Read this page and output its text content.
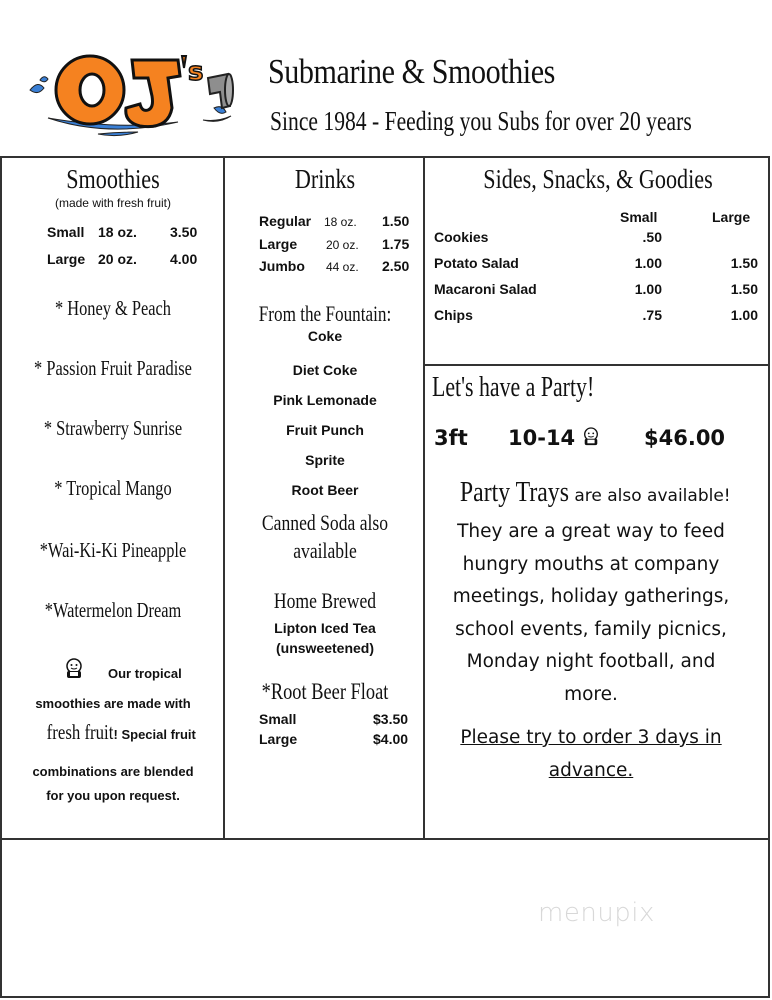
s Submarine & Smoothies
Since 1984 - Feeding you Subs for over 20 years
Smoothies
(made with fresh fruit)
Small 18 oz. 3.50
Large 20 oz. 4.00
* Honey & Peach
* Passion Fruit Paradise
* Strawberry Sunrise
* Tropical Mango
*Wai-Ki-Ki Pineapple
*Watermelon Dream
Our tropical
smoothies are made with
fresh fruit! Special fruit
combinations are blended
for you upon request.
Drinks
Regular 18 oz. 1.50
Large 20 oz. 1.75
Jumbo 44 oz. 2.50
From the Fountain:
Coke
Diet Coke
Pink Lemonade
Fruit Punch
Sprite
Root Beer
Canned Soda also
available
Home Brewed
Lipton Iced Tea
(unsweetened)
*Root Beer Float
Small	$3.50
Large	$4.00
Sides, Snacks, & Goodies
Small	Large
Cookies	.50
Potato Salad	1.00	1.50
Macaroni Salad	1.00	1.50
Chips	.75	1.00
Let's have a Party!
3ft 10-14	$46.00
Party Trays are also available!
They are a great way to feed
hungry mouths at company
meetings, holiday gatherings,
school events, family picnics,
Monday night football, and
more.
Please try to order 3 days in
advance.
menupix
